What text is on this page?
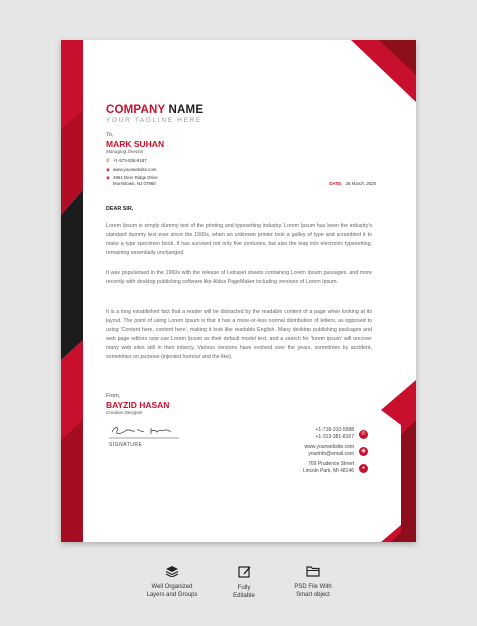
COMPANY NAME
YOUR TAGLINE HERE
To,
MARK SUHAN
Managing Director
✆ +1-573-536-9187
◉ www.yourwebsite.com
◉ 4961 Deer Ridge Drive
Morristown, NJ 07960	DATE: 26 March, 2020
DEAR SIR,
Lorem Ipsum is simply dummy text of the printing and typesetting industry. Lorem Ipsum has been the industry's standard dummy text ever since the 1500s, when an unknown printer took a galley of type and scrambled it to make a type specimen book. It has survived not only five centuries, but also the leap into electronic typesetting, remaining essentially unchanged.
It was popularised in the 1960s with the release of Letraset sheets containing Lorem Ipsum passages, and more recently with desktop publishing software like Aldus PageMaker including versions of Lorem Ipsum.
It is a long established fact that a reader will be distracted by the readable content of a page when looking at its layout. The point of using Lorem Ipsum is that it has a more-or-less normal distribution of letters, as opposed to using 'Content here, content here', making it look like readable English. Many desktop publishing packages and web page editors now use Lorem Ipsum as their default model text, and a search for 'lorem ipsum' will uncover many web sites still in their infancy. Various versions have evolved over the years, sometimes by accident, sometimes on purpose (injected humour and the like).
From,
BAYZID HASAN
Creative Designer
SIGNATURE
+1-718-310-5588
+1-313-381-8167	✆
www.yourwebsite.com
yourinfo@email.com	◉
769 Prudence Street
Lincoln Park, MI 48146	●
Well Organized
Layers and Groups
Fully
Editable
PSD File With
Smart object
